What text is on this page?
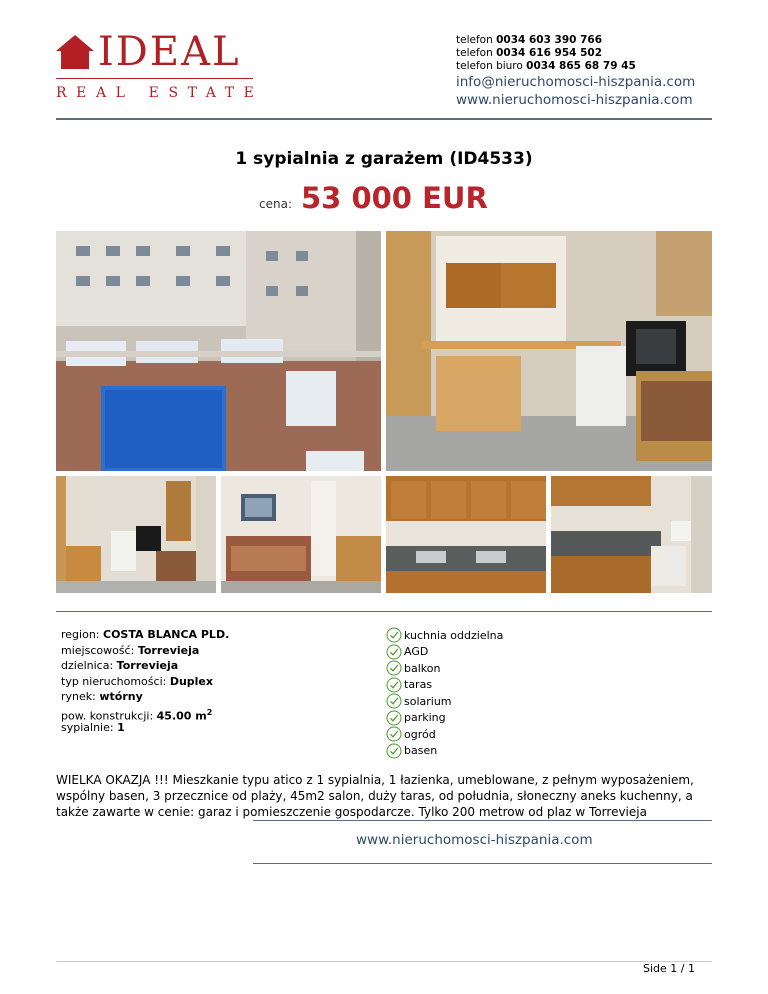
IDEAL
REAL ESTATE
telefon 0034 603 390 766
telefon 0034 616 954 502
telefon biuro 0034 865 68 79 45
info@nieruchomosci-hiszpania.com
www.nieruchomosci-hiszpania.com
1 sypialnia z garażem (ID4533)
cena: 53 000 EUR
region: COSTA BLANCA PLD.
miejscowość: Torrevieja
dzielnica: Torrevieja
typ nieruchomości: Duplex
rynek: wtórny
pow. konstrukcji: 45.00 $m^2$
sypialnie: 1
kuchnia oddzielna
AGD
balkon
taras
solarium
parking
ogród
basen
WIELKA OKAZJA !!! Mieszkanie typu atico z 1 sypialnia, 1 łazienka, umeblowane, z pełnym wyposażeniem, wspólny basen, 3 przecznice od plaży, 45m2 salon, duży taras, od południa, słoneczny aneks kuchenny, a także zawarte w cenie: garaz i pomieszczenie gospodarcze. Tylko 200 metrow od plaz w Torrevieja
www.nieruchomosci-hiszpania.com
Side 1 / 1
